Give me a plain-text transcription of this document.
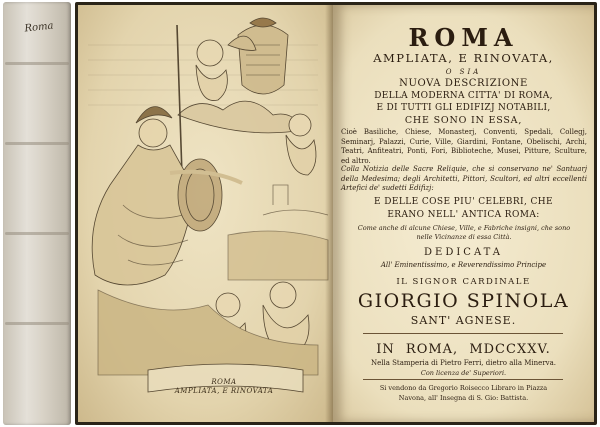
Roma
ROMA
AMPLIATA, E RINOVATA
ROMA
AMPLIATA, E RINOVATA,
O SIA
NUOVA DESCRIZIONE
DELLA MODERNA CITTA' DI ROMA,
E DI TUTTI GLI EDIFIZJ NOTABILI,
CHE SONO IN ESSA,
Cioè Basiliche, Chiese, Monasterj, Conventi, Spedali, Collegj, Seminarj, Palazzi, Curie, Ville, Giardini, Fontane, Obelischi, Archi, Teatri, Anfiteatri, Ponti, Fori, Biblioteche, Musei, Pitture, Sculture, ed altro.
Colla Notizia delle Sacre Reliquie, che si conservano ne' Santuarj della Medesima; degli Architetti, Pittori, Scultori, ed altri eccellenti Artefici de' sudetti Edifizj:
E DELLE COSE PIU' CELEBRI, CHE
ERANO NELL' ANTICA ROMA:
Come anche di alcune Chiese, Ville, e Fabriche insigni, che sono nelle Vicinanze di essa Città.
DEDICATA
All' Eminentissimo, e Reverendissimo Principe
IL SIGNOR CARDINALE
GIORGIO SPINOLA
SANT' AGNESE.
IN ROMA, MDCCXXV.
Nella Stamperia di Pietro Ferri, dietro alla Minerva.
Con licenza de' Superiori.
Si vendono da Gregorio Roisecco Libraro in Piazza
Navona, all' Insegna di S. Gio: Battista.
